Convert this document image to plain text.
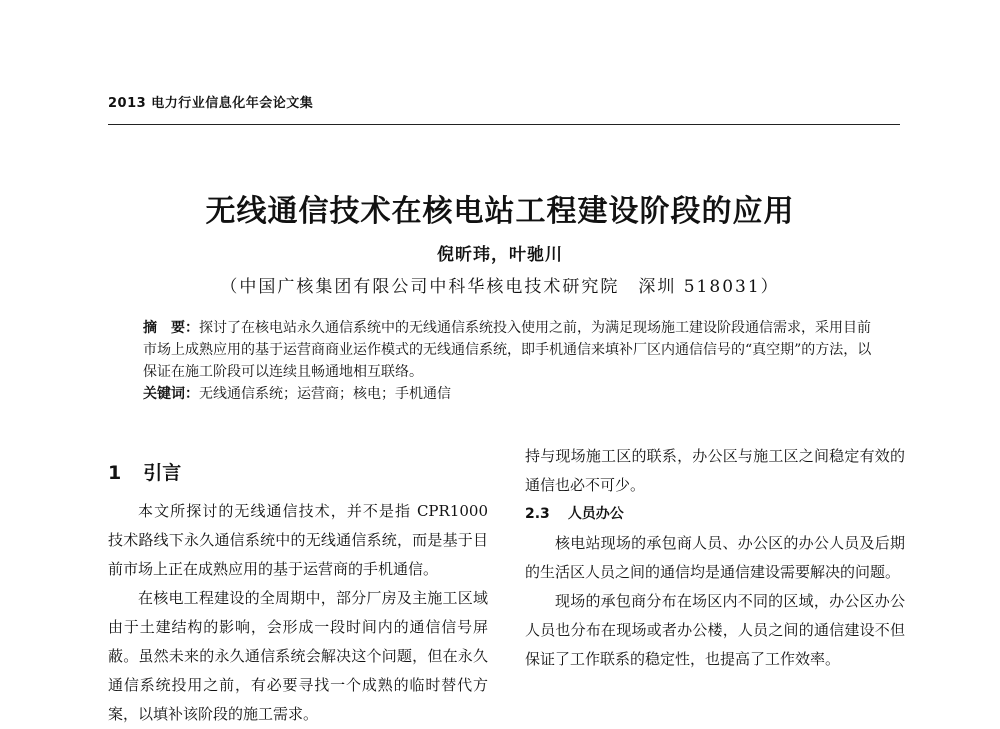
2013 电力行业信息化年会论文集
无线通信技术在核电站工程建设阶段的应用
倪昕玮，叶驰川
（中国广核集团有限公司中科华核电技术研究院　深圳 518031）

摘　要：探讨了在核电站永久通信系统中的无线通信系统投入使用之前，为满足现场施工建设阶段通信需求，采用目前市场上成熟应用的基于运营商商业运作模式的无线通信系统，即手机通信来填补厂区内通信信号的“真空期”的方法，以保证在施工阶段可以连续且畅通地相互联络。

关键词：无线通信系统；运营商；核电；手机通信

1 引言

本文所探讨的无线通信技术，并不是指 CPR1000 技术路线下永久通信系统中的无线通信系统，而是基于目前市场上正在成熟应用的基于运营商的手机通信。

在核电工程建设的全周期中，部分厂房及主施工区域由于土建结构的影响，会形成一段时间内的通信信号屏蔽。虽然未来的永久通信系统会解决这个问题，但在永久通信系统投用之前，有必要寻找一个成熟的临时替代方案，以填补该阶段的施工需求。

持与现场施工区的联系，办公区与施工区之间稳定有效的通信也必不可少。

2.3 人员办公

核电站现场的承包商人员、办公区的办公人员及后期的生活区人员之间的通信均是通信建设需要解决的问题。

现场的承包商分布在场区内不同的区域，办公区办公人员也分布在现场或者办公楼，人员之间的通信建设不但保证了工作联系的稳定性，也提高了工作效率。
